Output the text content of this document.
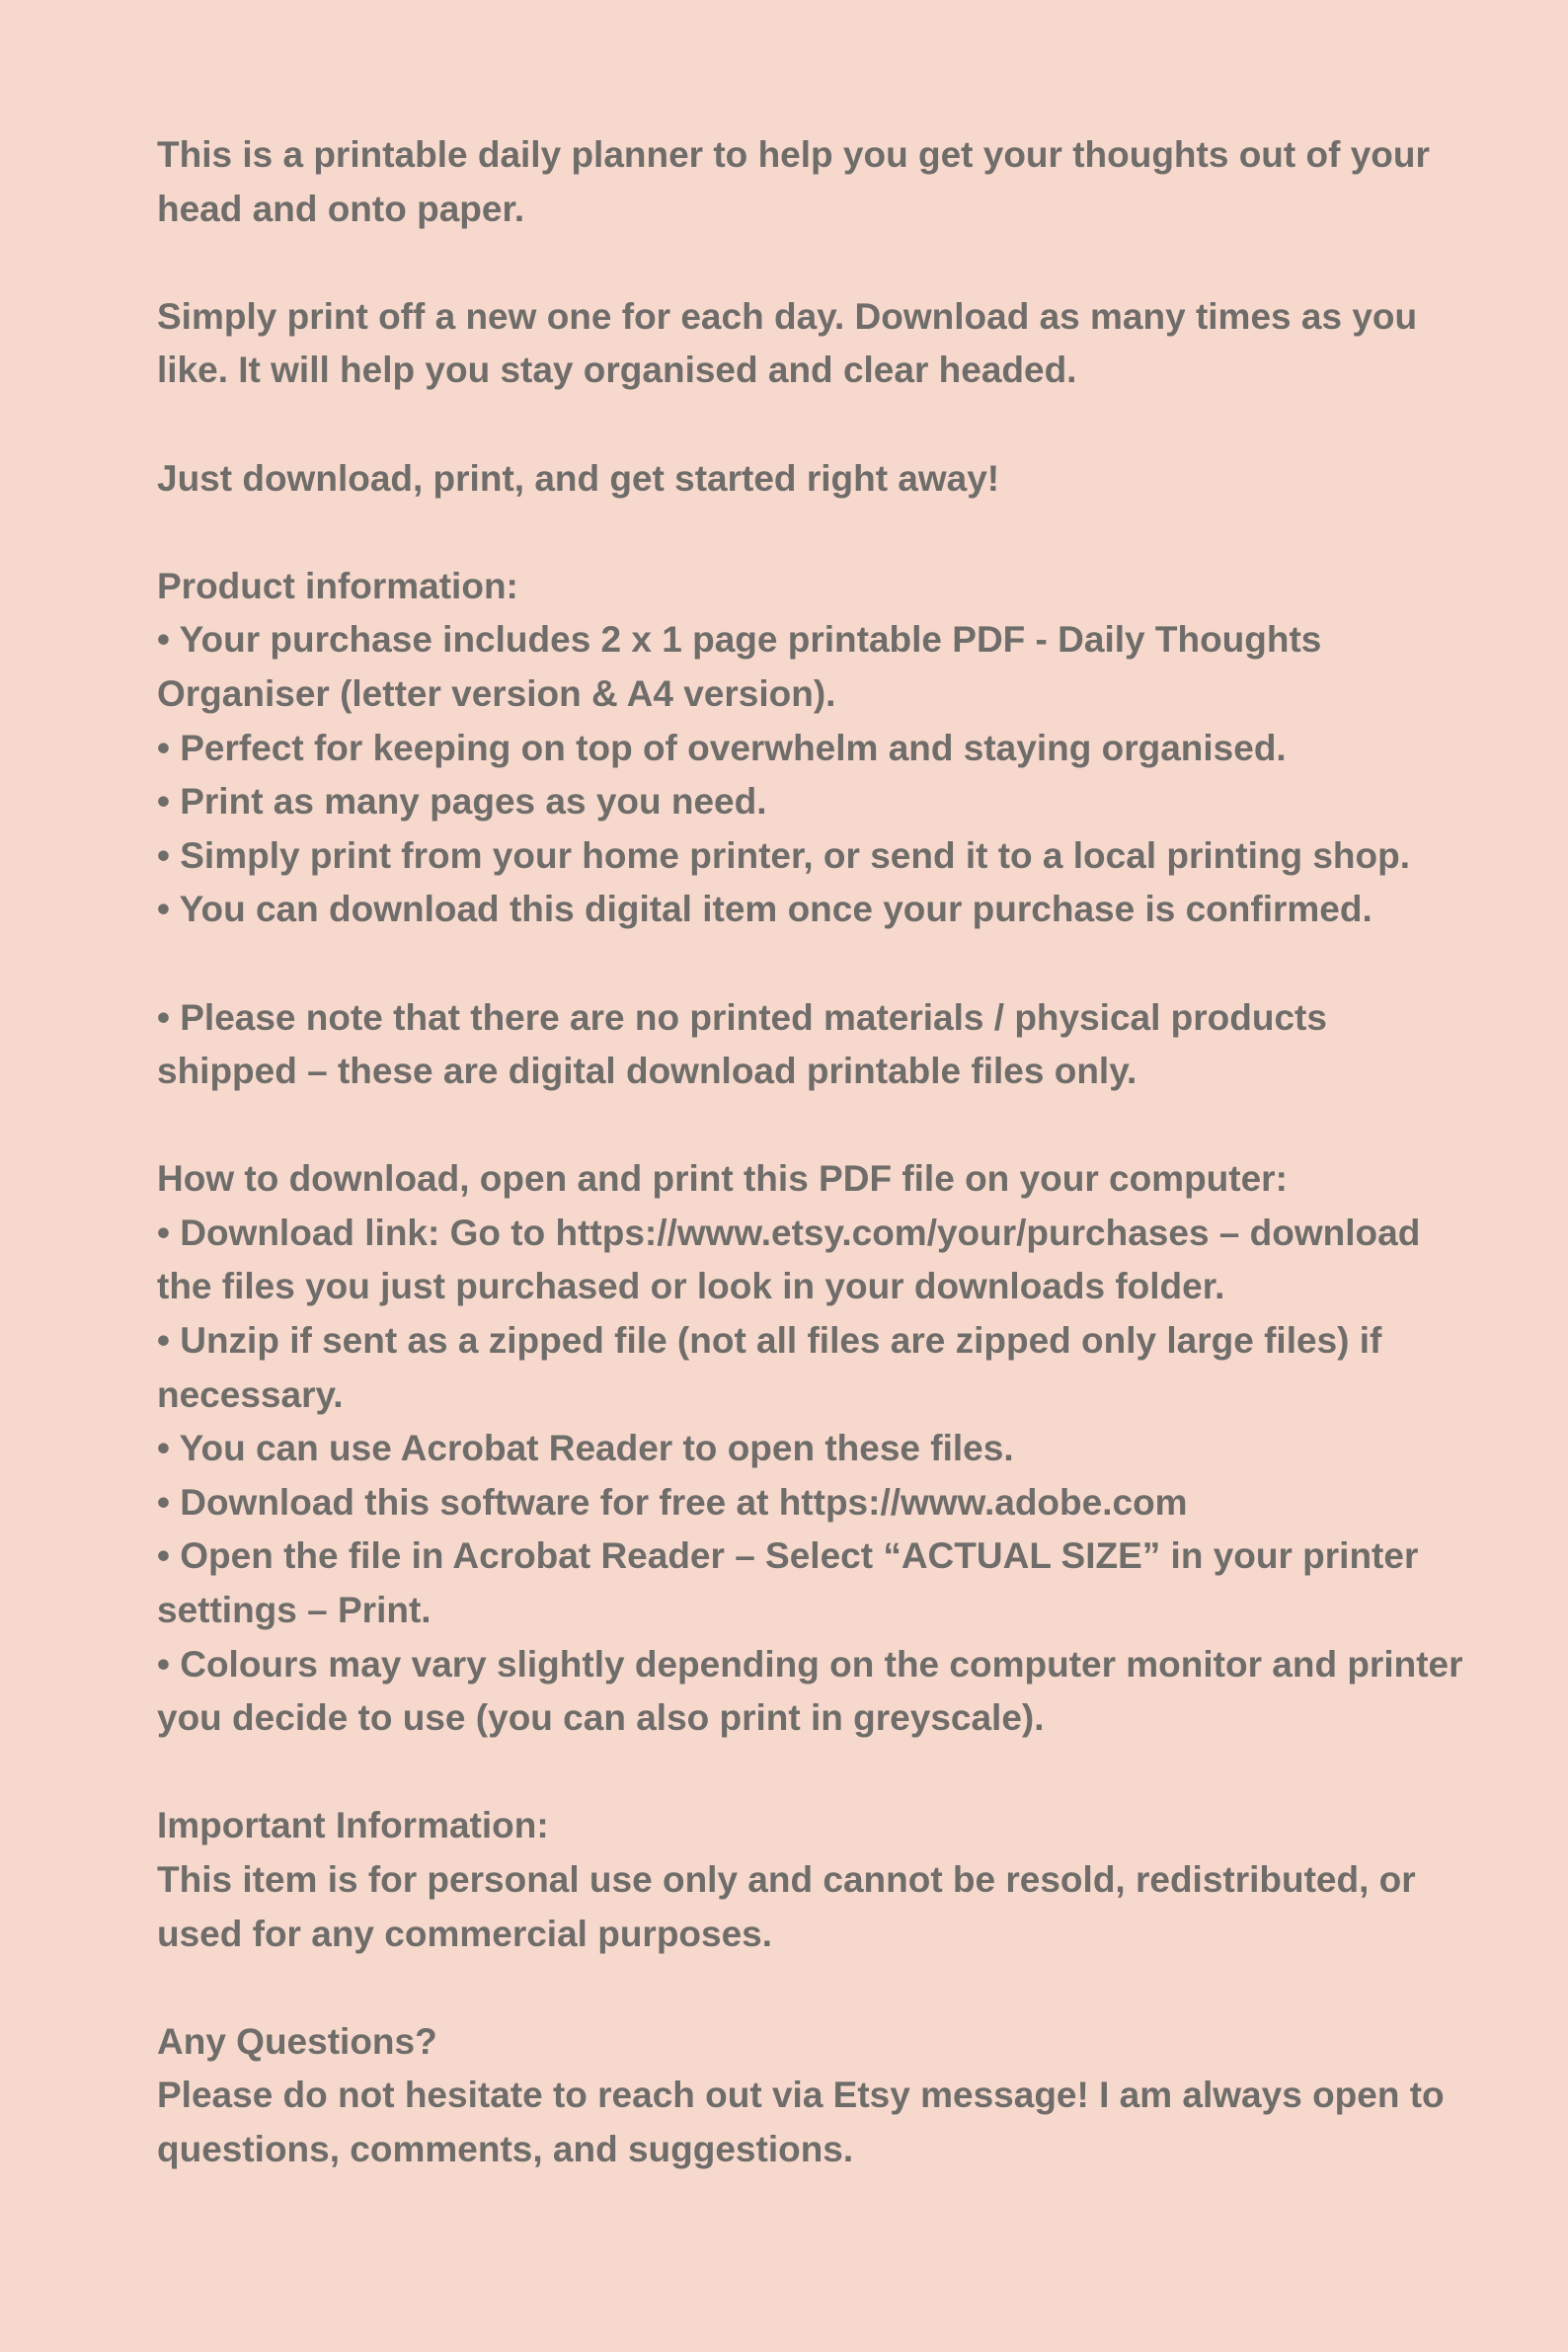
This is a printable daily planner to help you get your thoughts out of your
head and onto paper.
Simply print off a new one for each day. Download as many times as you
like. It will help you stay organised and clear headed.
Just download, print, and get started right away!
Product information:
• Your purchase includes 2 x 1 page printable PDF - Daily Thoughts
Organiser (letter version & A4 version).
• Perfect for keeping on top of overwhelm and staying organised.
• Print as many pages as you need.
• Simply print from your home printer, or send it to a local printing shop.
• You can download this digital item once your purchase is confirmed.
• Please note that there are no printed materials / physical products
shipped – these are digital download printable files only.
How to download, open and print this PDF file on your computer:
• Download link: Go to https://www.etsy.com/your/purchases – download
the files you just purchased or look in your downloads folder.
• Unzip if sent as a zipped file (not all files are zipped only large files) if
necessary.
• You can use Acrobat Reader to open these files.
• Download this software for free at https://www.adobe.com
• Open the file in Acrobat Reader – Select “ACTUAL SIZE” in your printer
settings – Print.
• Colours may vary slightly depending on the computer monitor and printer
you decide to use (you can also print in greyscale).
Important Information:
This item is for personal use only and cannot be resold, redistributed, or
used for any commercial purposes.
Any Questions?
Please do not hesitate to reach out via Etsy message! I am always open to
questions, comments, and suggestions.
